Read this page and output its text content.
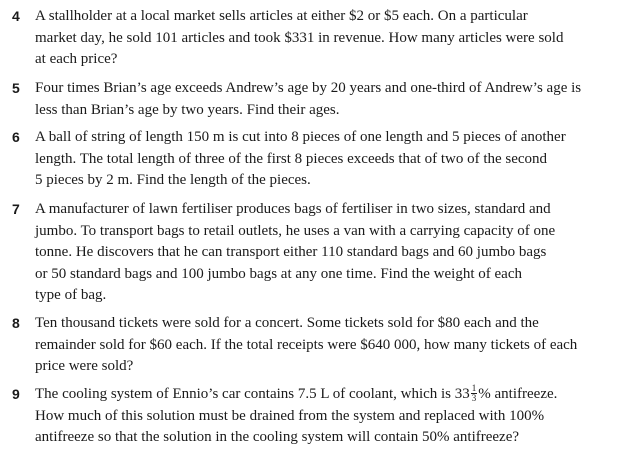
4	A stallholder at a local market sells articles at either $2 or $5 each. On a particular
market day, he sold 101 articles and took $331 in revenue. How many articles were sold
at each price?

5	Four times Brian’s age exceeds Andrew’s age by 20 years and one-third of Andrew’s age is
less than Brian’s age by two years. Find their ages.

6	A ball of string of length 150 m is cut into 8 pieces of one length and 5 pieces of another
length. The total length of three of the first 8 pieces exceeds that of two of the second
5 pieces by 2 m. Find the length of the pieces.

7	A manufacturer of lawn fertiliser produces bags of fertiliser in two sizes, standard and
jumbo. To transport bags to retail outlets, he uses a van with a carrying capacity of one
tonne. He discovers that he can transport either 110 standard bags and 60 jumbo bags
or 50 standard bags and 100 jumbo bags at any one time. Find the weight of each
type of bag.

8	Ten thousand tickets were sold for a concert. Some tickets sold for $80 each and the
remainder sold for $60 each. If the total receipts were $640 000, how many tickets of each
price were sold?

9	The cooling system of Ennio’s car contains 7.5 L of coolant, which is $33 \frac{1}{3}$ % antifreeze.
How much of this solution must be drained from the system and replaced with 100%
antifreeze so that the solution in the cooling system will contain 50% antifreeze?
